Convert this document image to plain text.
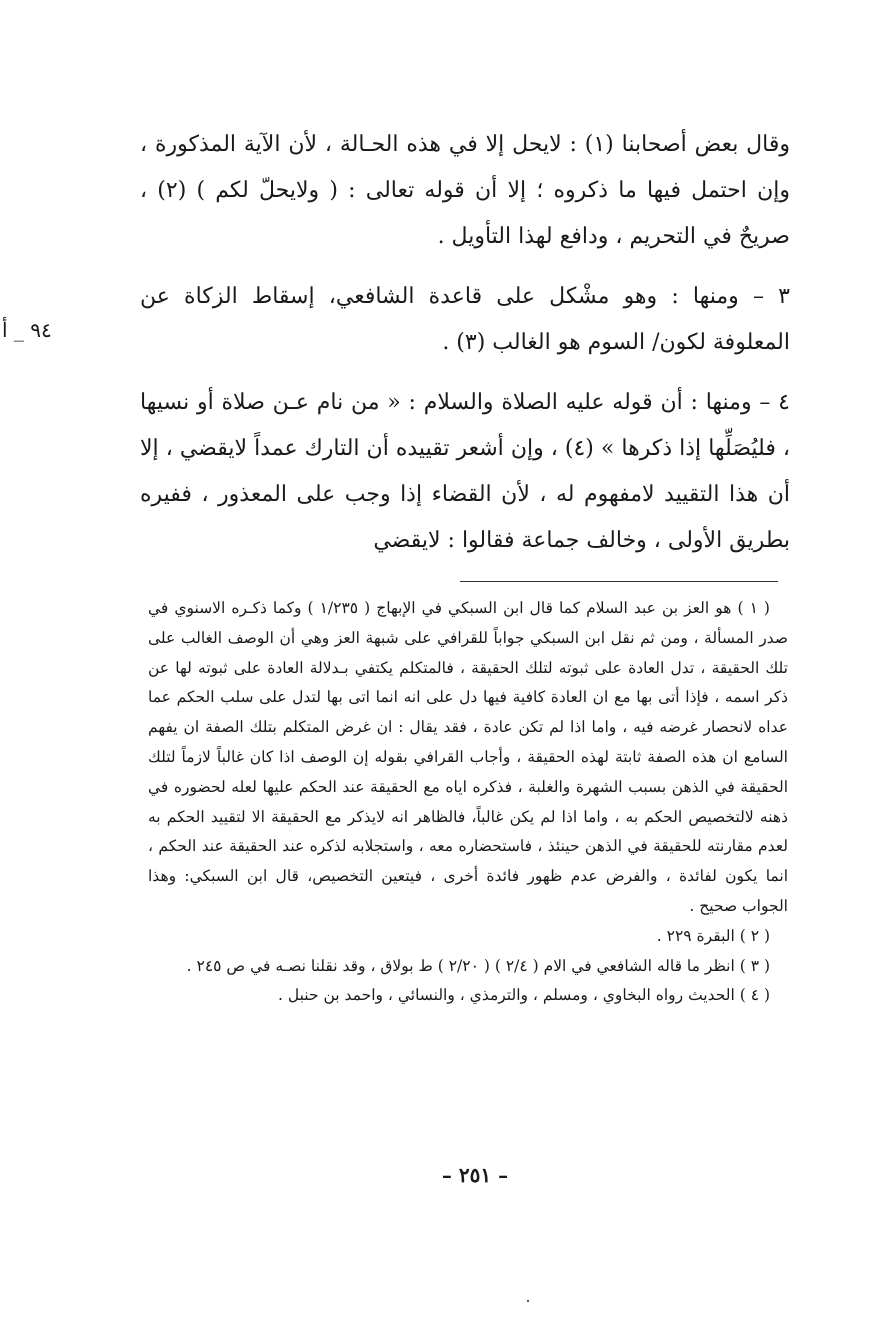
وقال بعض أصحابنا (١) : لايحل إلا في هذه الحـالة ، لأن الآية المذكورة ، وإن احتمل فيها ما ذكروه ؛ إلا أن قوله تعالى : ( ولايحلّ لكم ) (٢) ، صريحٌ في التحريم ، ودافع لهذا التأويل .

٣ – ومنها : وهو مشْكل على قاعدة الشافعي، إسقاط الزكاة عن المعلوفة لكون/ السوم هو الغالب (٣) .

٤ – ومنها : أن قوله عليه الصلاة والسلام : « من نام عـن صلاة أو نسيها ، فليُصَلِّها إذا ذكرها » (٤) ، وإن أشعر تقييده أن التارك عمداً لايقضي ، إلا أن هذا التقييد لامفهوم له ، لأن القضاء إذا وجب على المعذور ، ففيره بطريق الأولى ، وخالف جماعة فقالوا : لايقضي

٩٤ _ أ

( ١ ) هو العز بن عبد السلام كما قال ابن السبكي في الإبهاج ( ١/٢٣٥ ) وكما ذكـره الاسنوي في صدر المسألة ، ومن ثم نقل ابن السبكي جواباً للقرافي على شبهة العز وهي أن الوصف الغالب على تلك الحقيقة ، تدل العادة على ثبوته لتلك الحقيقة ، فالمتكلم يكتفي بـدلالة العادة على ثبوته لها عن ذكر اسمه ، فإذا أتى بها مع ان العادة كافية فيها دل على انه انما اتى بها لتدل على سلب الحكم عما عداه لانحصار غرضه فيه ، واما اذا لم تكن عادة ، فقد يقال : ان غرض المتكلم بتلك الصفة ان يفهم السامع ان هذه الصفة ثابتة لهذه الحقيقة ، وأجاب القرافي بقوله إن الوصف اذا كان غالباً لازماً لتلك الحقيقة في الذهن بسبب الشهرة والغلبة ، فذكره اياه مع الحقيقة عند الحكم عليها لعله لحضوره في ذهنه لالتخصيص الحكم به ، واما اذا لم يكن غالباً، فالظاهر انه لايذكر مع الحقيقة الا لتقييد الحكم به لعدم مقارنته للحقيقة في الذهن حينئذ ، فاستحضاره معه ، واستجلابه لذكره عند الحقيقة عند الحكم ، انما يكون لفائدة ، والفرض عدم ظهور فائدة أخرى ، فيتعين التخصيص، قال ابن السبكي: وهذا الجواب صحيح .

( ٢ ) البقرة ٢٢٩ .

( ٣ ) انظر ما قاله الشافعي في الام ( ٢/٤ ) ( ٢/٢٠ ) ط بولاق ، وقد نقلنا نصـه في ص ٢٤٥ .

( ٤ ) الحديث رواه البخاوي ، ومسلم ، والترمذي ، والنسائي ، واحمد بن حنبل .

– ٢٥١ –
